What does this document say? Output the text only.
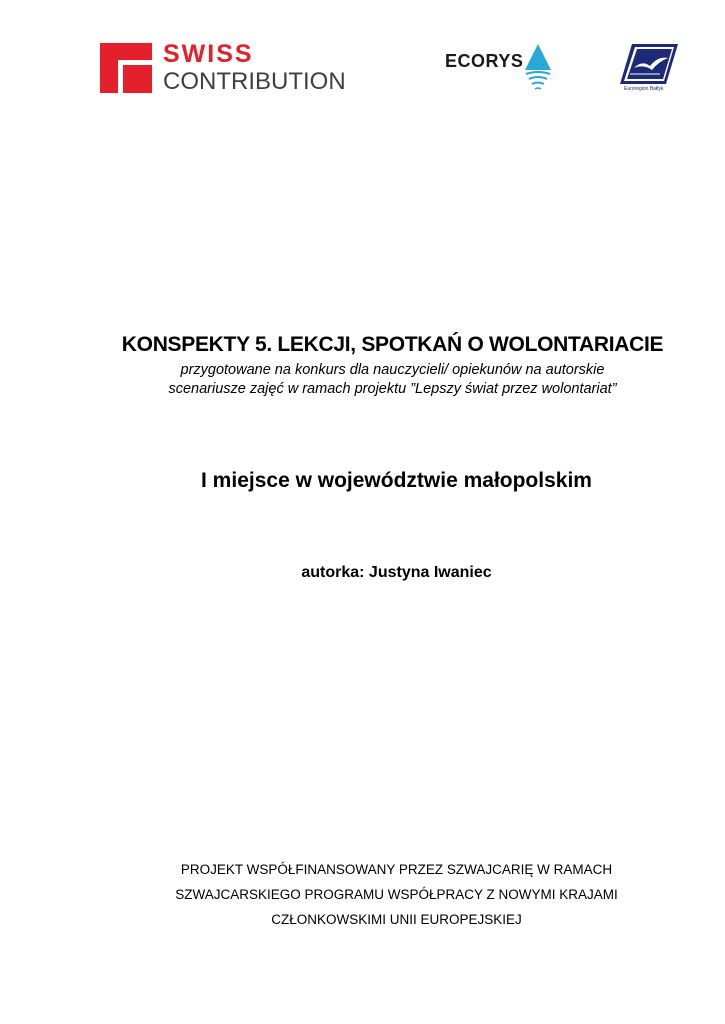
SWISS
CONTRIBUTION
ECORYS
Euroregion Bałtyk
KONSPEKTY 5. LEKCJI, SPOTKAŃ O WOLONTARIACIE
przygotowane na konkurs dla nauczycieli/ opiekunów na autorskie
scenariusze zajęć w ramach projektu ”Lepszy świat przez wolontariat”
I miejsce w województwie małopolskim
autorka: Justyna Iwaniec
PROJEKT WSPÓŁFINANSOWANY PRZEZ SZWAJCARIĘ W RAMACH
SZWAJCARSKIEGO PROGRAMU WSPÓŁPRACY Z NOWYMI KRAJAMI
CZŁONKOWSKIMI UNII EUROPEJSKIEJ
